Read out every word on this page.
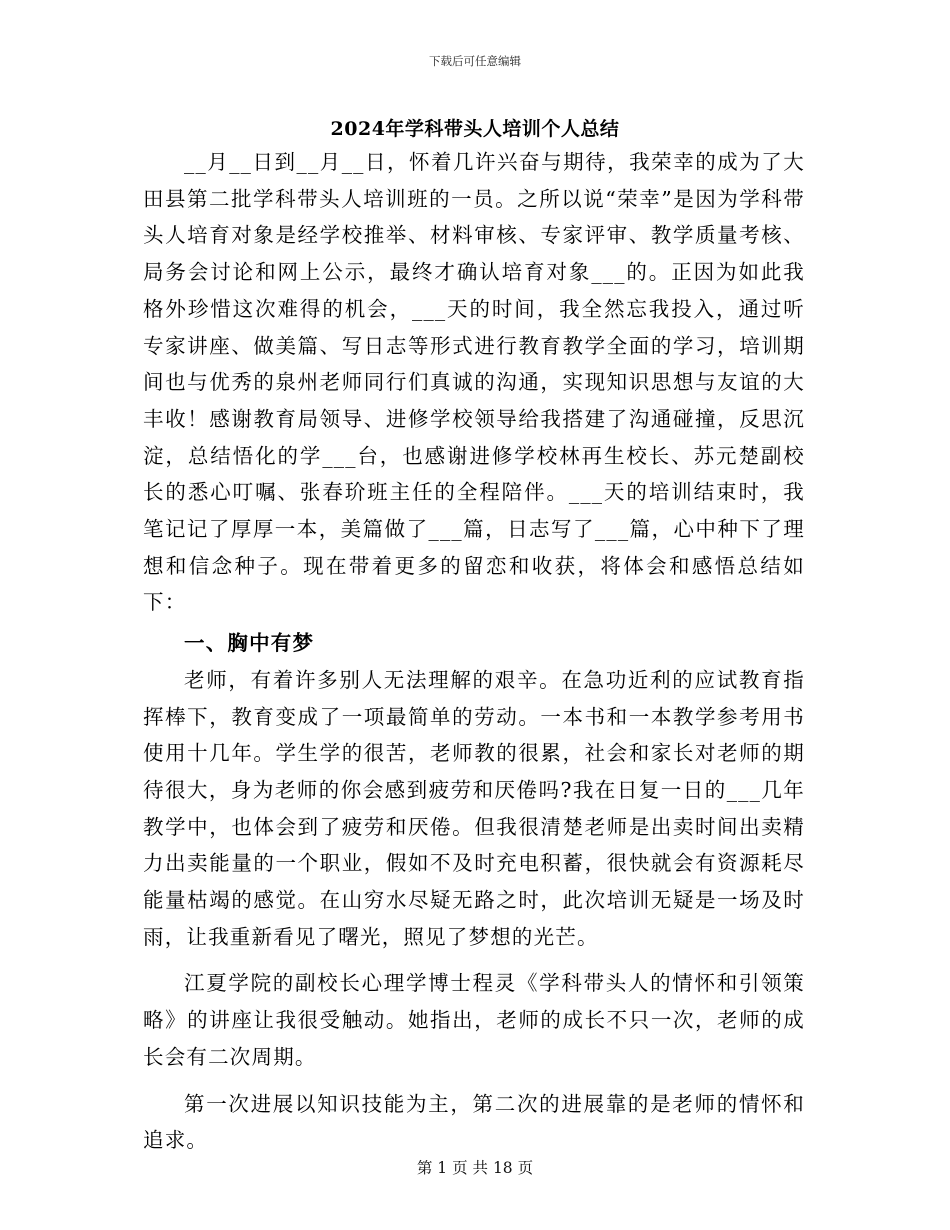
下载后可任意编辑
2024年学科带头人培训个人总结

__月__日到__月__日，怀着几许兴奋与期待，我荣幸的成为了大田县第二批学科带头人培训班的一员。之所以说“荣幸”是因为学科带头人培育对象是经学校推举、材料审核、专家评审、教学质量考核、局务会讨论和网上公示，最终才确认培育对象___的。正因为如此我格外珍惜这次难得的机会，___天的时间，我全然忘我投入，通过听专家讲座、做美篇、写日志等形式进行教育教学全面的学习，培训期间也与优秀的泉州老师同行们真诚的沟通，实现知识思想与友谊的大丰收！感谢教育局领导、进修学校领导给我搭建了沟通碰撞，反思沉淀，总结悟化的学___台，也感谢进修学校林再生校长、苏元楚副校长的悉心叮嘱、张春玠班主任的全程陪伴。___天的培训结束时，我笔记记了厚厚一本，美篇做了___篇，日志写了___篇，心中种下了理想和信念种子。现在带着更多的留恋和收获，将体会和感悟总结如下：

一、胸中有梦

老师，有着许多别人无法理解的艰辛。在急功近利的应试教育指挥棒下，教育变成了一项最简单的劳动。一本书和一本教学参考用书使用十几年。学生学的很苦，老师教的很累，社会和家长对老师的期待很大，身为老师的你会感到疲劳和厌倦吗?我在日复一日的___几年教学中，也体会到了疲劳和厌倦。但我很清楚老师是出卖时间出卖精力出卖能量的一个职业，假如不及时充电积蓄，很快就会有资源耗尽能量枯竭的感觉。在山穷水尽疑无路之时，此次培训无疑是一场及时雨，让我重新看见了曙光，照见了梦想的光芒。

江夏学院的副校长心理学博士程灵《学科带头人的情怀和引领策略》的讲座让我很受触动。她指出，老师的成长不只一次，老师的成长会有二次周期。

第一次进展以知识技能为主，第二次的进展靠的是老师的情怀和追求。

第 1 页 共 18 页
